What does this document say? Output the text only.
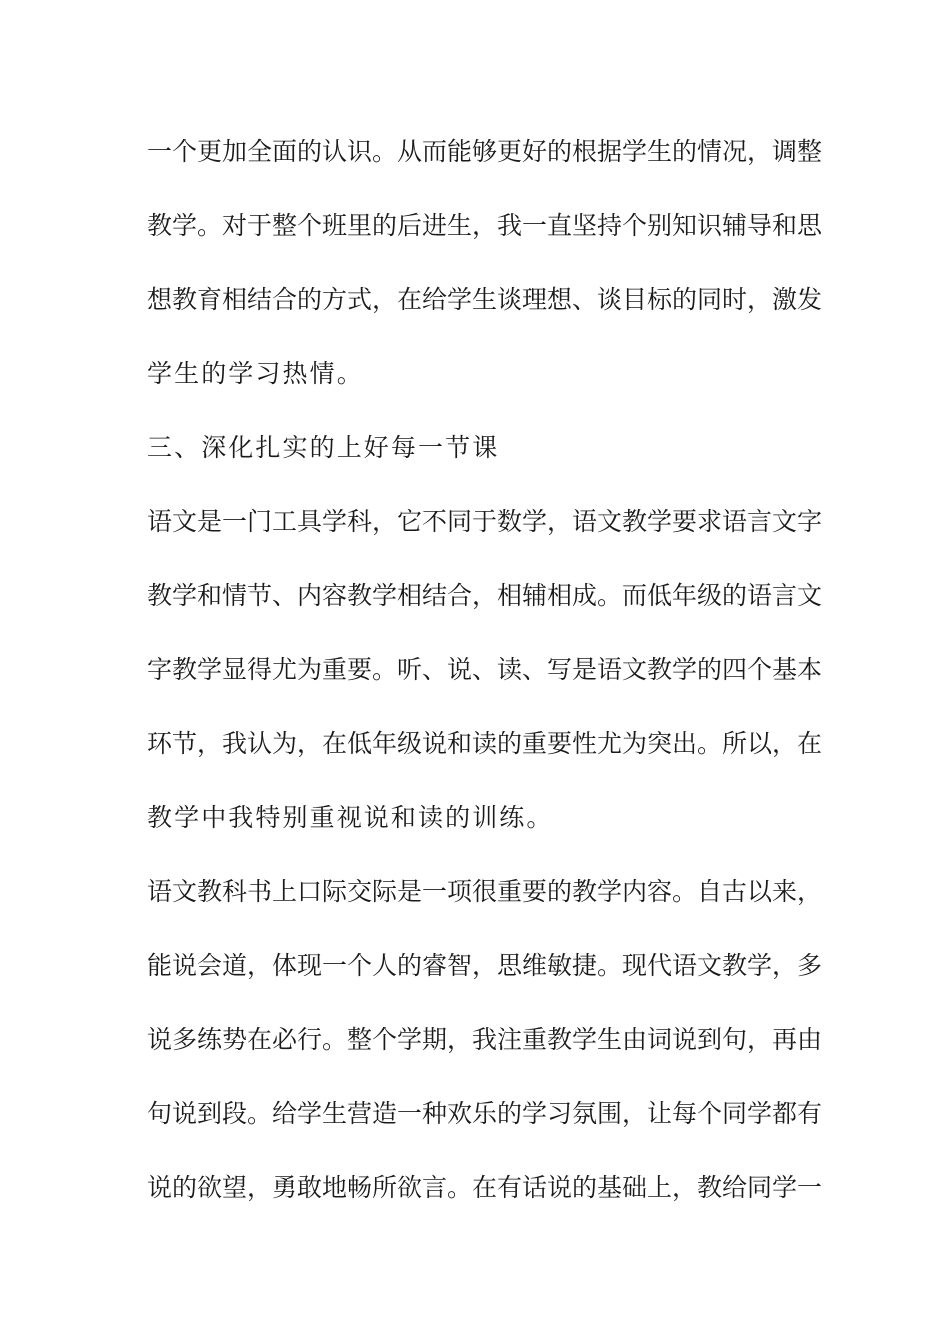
一个更加全面的认识。从而能够更好的根据学生的情况，调整
教学。对于整个班里的后进生，我一直坚持个别知识辅导和思
想教育相结合的方式，在给学生谈理想、谈目标的同时，激发
学生的学习热情。
三、深化扎实的上好每一节课
语文是一门工具学科，它不同于数学，语文教学要求语言文字
教学和情节、内容教学相结合，相辅相成。而低年级的语言文
字教学显得尤为重要。听、说、读、写是语文教学的四个基本
环节，我认为，在低年级说和读的重要性尤为突出。所以，在
教学中我特别重视说和读的训练。
语文教科书上口际交际是一项很重要的教学内容。自古以来，
能说会道，体现一个人的睿智，思维敏捷。现代语文教学，多
说多练势在必行。整个学期，我注重教学生由词说到句，再由
句说到段。给学生营造一种欢乐的学习氛围，让每个同学都有
说的欲望，勇敢地畅所欲言。在有话说的基础上，教给同学一
